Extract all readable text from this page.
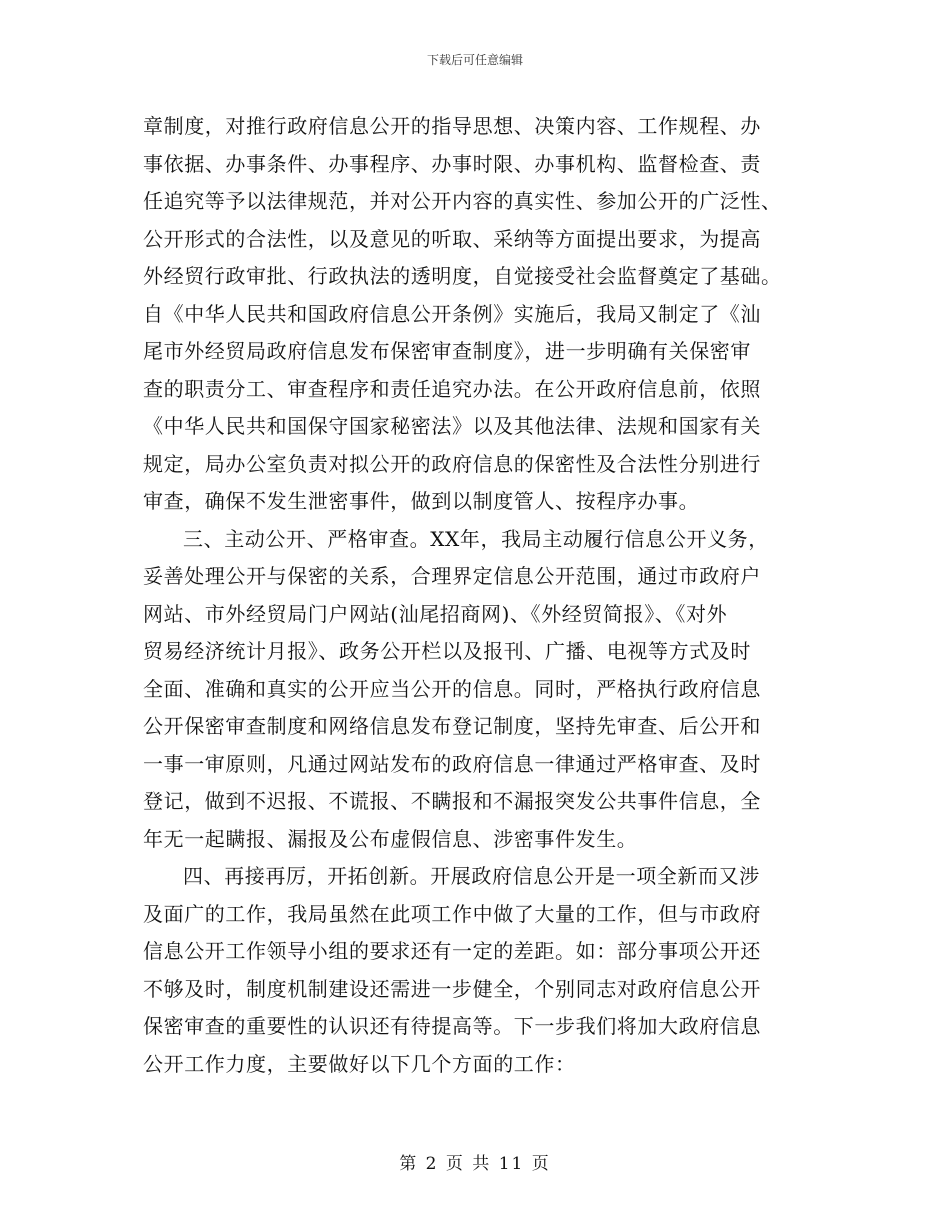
下载后可任意编辑
章制度，对推行政府信息公开的指导思想、决策内容、工作规程、办
事依据、办事条件、办事程序、办事时限、办事机构、监督检查、责
任追究等予以法律规范，并对公开内容的真实性、参加公开的广泛性、
公开形式的合法性，以及意见的听取、采纳等方面提出要求，为提高
外经贸行政审批、行政执法的透明度，自觉接受社会监督奠定了基础。
自《中华人民共和国政府信息公开条例》实施后，我局又制定了《汕
尾市外经贸局政府信息发布保密审查制度》，进一步明确有关保密审
查的职责分工、审查程序和责任追究办法。在公开政府信息前，依照
《中华人民共和国保守国家秘密法》以及其他法律、法规和国家有关
规定，局办公室负责对拟公开的政府信息的保密性及合法性分别进行
审查，确保不发生泄密事件，做到以制度管人、按程序办事。
三、主动公开、严格审查。XX年，我局主动履行信息公开义务，
妥善处理公开与保密的关系，合理界定信息公开范围，通过市政府户
网站、市外经贸局门户网站(汕尾招商网)、《外经贸简报》、《对外
贸易经济统计月报》、政务公开栏以及报刊、广播、电视等方式及时
全面、准确和真实的公开应当公开的信息。同时，严格执行政府信息
公开保密审查制度和网络信息发布登记制度，坚持先审查、后公开和
一事一审原则，凡通过网站发布的政府信息一律通过严格审查、及时
登记，做到不迟报、不谎报、不瞒报和不漏报突发公共事件信息，全
年无一起瞒报、漏报及公布虚假信息、涉密事件发生。
四、再接再厉，开拓创新。开展政府信息公开是一项全新而又涉
及面广的工作，我局虽然在此项工作中做了大量的工作，但与市政府
信息公开工作领导小组的要求还有一定的差距。如：部分事项公开还
不够及时，制度机制建设还需进一步健全，个别同志对政府信息公开
保密审查的重要性的认识还有待提高等。下一步我们将加大政府信息
公开工作力度，主要做好以下几个方面的工作：
第 2 页 共 11 页
